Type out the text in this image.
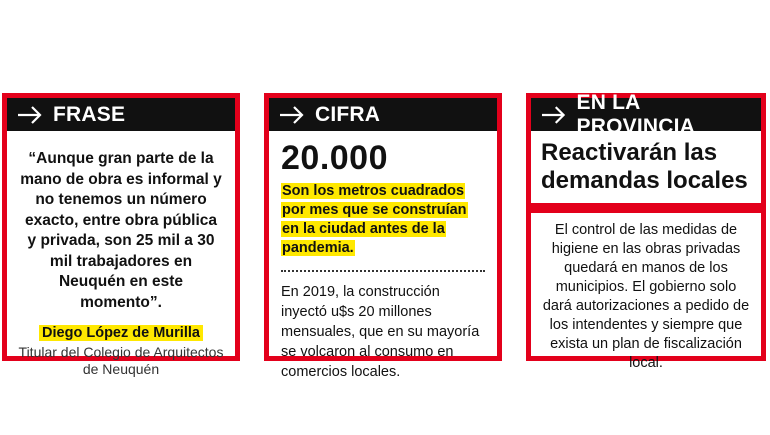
FRASE
“Aunque gran parte de la mano de obra es informal y no tenemos un número exacto, entre obra pública y privada, son 25 mil a 30 mil trabajadores en Neuquén en este momento”.
Diego López de Murilla
Titular del Colegio de Arquitectos de Neuquén
CIFRA
20.000
Son los metros cuadrados por mes que se construían en la ciudad antes de la pandemia.
En 2019, la construcción inyectó u$s 20 millones mensuales, que en su mayoría se volcaron al consumo en comercios locales.
EN LA PROVINCIA
Reactivarán las demandas locales
El control de las medidas de higiene en las obras privadas quedará en manos de los municipios. El gobierno solo dará autorizaciones a pedido de los intendentes y siempre que exista un plan de fiscalización local.
